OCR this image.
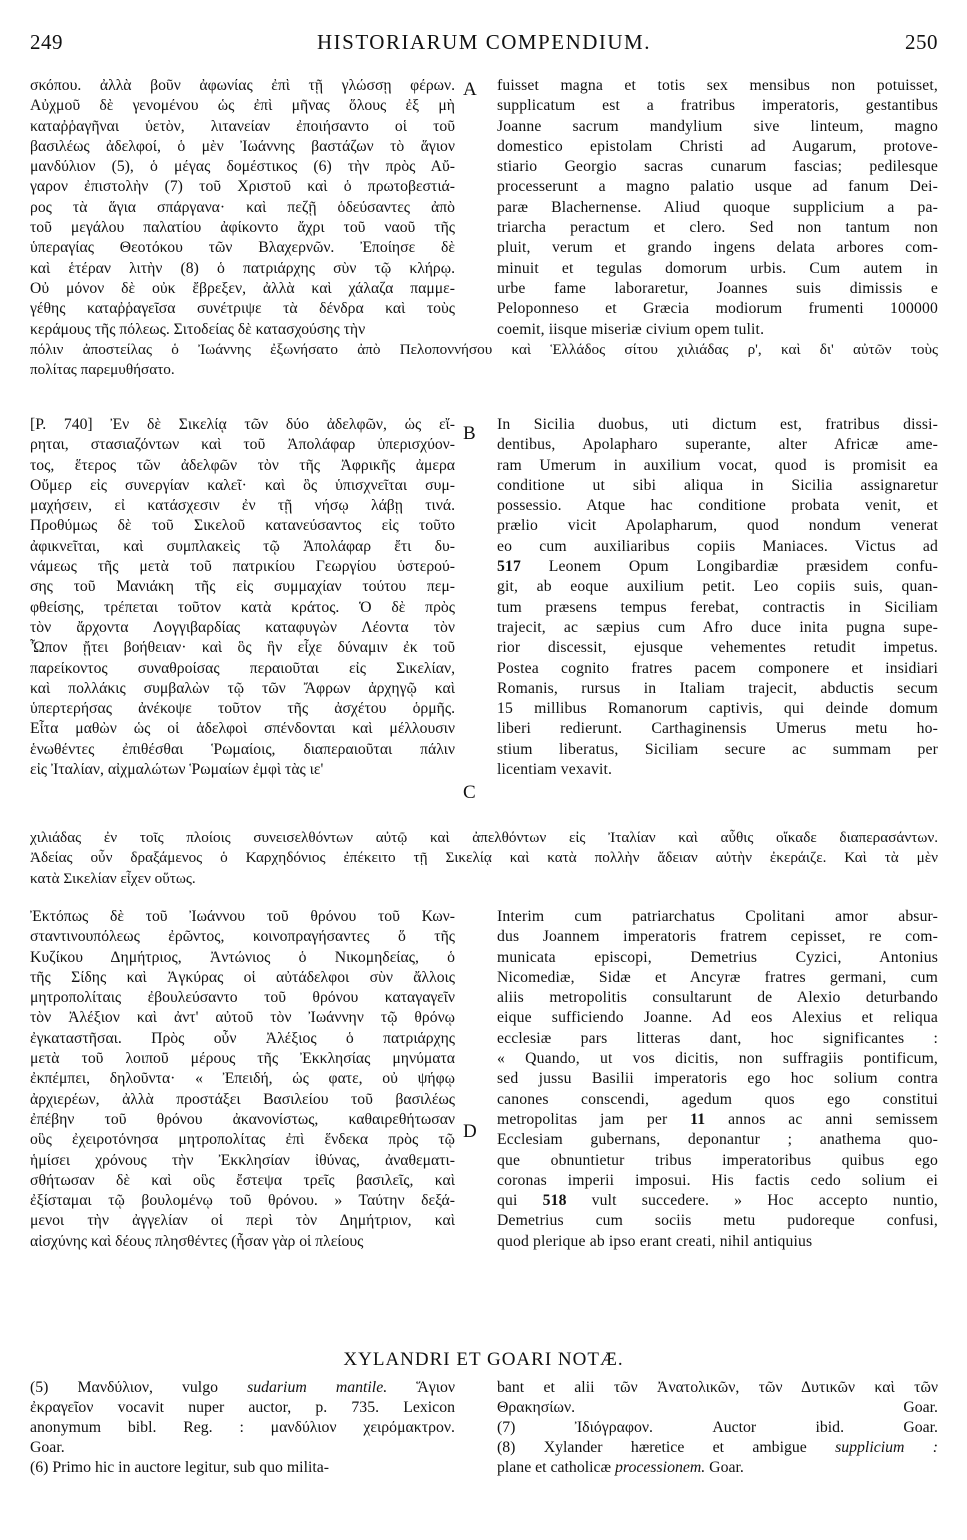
249	HISTORIARUM COMPENDIUM.	250
σκόπου. ἀλλὰ βοῦν ἀφωνίας ἐπὶ τῇ γλώσσῃ φέρων.
Αὐχμοῦ δὲ γενομένου ὡς ἐπὶ μῆνας ὅλους ἐξ μὴ
καταῤῥαγῆναι ὑετὸν, λιτανείαν ἐποιήσαντο οἱ τοῦ
βασιλέως ἀδελφοί, ὁ μὲν Ἰωάννης βαστάζων τὸ ἅγιον
μανδύλιον (5), ὁ μέγας δομέστικος (6) τὴν πρὸς Αὔ-
γαρον ἐπιστολὴν (7) τοῦ Χριστοῦ καὶ ὁ πρωτοβεστιά-
ρος τὰ ἅγια σπάργανα· καὶ πεζῇ ὁδεύσαντες ἀπὸ
τοῦ μεγάλου παλατίου ἀφίκοντο ἄχρι τοῦ ναοῦ τῆς
ὑπεραγίας Θεοτόκου τῶν Βλαχερνῶν. Ἐποίησε δὲ
καὶ ἑτέραν λιτὴν (8) ὁ πατριάρχης σὺν τῷ κλήρῳ.
Οὐ μόνον δὲ οὐκ ἔβρεξεν, ἀλλὰ καὶ χάλαζα παμμε-
γέθης καταῤῥαγεῖσα συνέτριψε τὰ δένδρα καὶ τοὺς
κεράμους τῆς πόλεως. Σιτοδείας δὲ κατασχούσης τὴν
A fuisset magna et totis sex mensibus non potuisset,
supplicatum est a fratribus imperatoris, gestantibus
Joanne sacrum mandylium sive linteum, magno
domestico epistolam Christi ad Augarum, protove-
stiario Georgio sacras cunarum fascias; pedilesque
processerunt a magno palatio usque ad fanum Dei-
paræ Blachernense. Aliud quoque supplicium a pa-
triarcha peractum et clero. Sed non tantum non
pluit, verum et grando ingens delata arbores com-
minuit et tegulas domorum urbis. Cum autem in
urbe fame laboraretur, Joannes suis dimissis e
Peloponneso et Græcia modiorum frumenti 100000
coemit, iisque miseriæ civium opem tulit.
πόλιν ἀποστείλας ὁ Ἰωάννης ἐξωνήσατο ἀπὸ Πελοποννήσου καὶ Ἑλλάδος σίτου χιλιάδας ρ', καὶ δι' αὐτῶν τοὺς
πολίτας παρεμυθήσατο.
[P. 740] Ἐν δὲ Σικελίᾳ τῶν δύο ἀδελφῶν, ὡς εἴ-
ρηται, στασιαζόντων καὶ τοῦ Ἀπολάφαρ ὑπερισχύον-
τος, ἕτερος τῶν ἀδελφῶν τὸν τῆς Ἀφρικῆς ἀμερα
Οὔμερ εἰς συνεργίαν καλεῖ· καὶ ὃς ὑπισχνεῖται συμ-
μαχήσειν, εἰ κατάσχεσιν ἐν τῇ νήσῳ λάβῃ τινά.
Προθύμως δὲ τοῦ Σικελοῦ κατανεύσαντος εἰς τοῦτο
ἀφικνεῖται, καὶ συμπλακεὶς τῷ Ἀπολάφαρ ἔτι δυ-
νάμεως τῆς μετὰ τοῦ πατρικίου Γεωργίου ὑστερού-
σης τοῦ Μανιάκη τῆς εἰς συμμαχίαν τούτου πεμ-
φθείσης, τρέπεται τοῦτον κατὰ κράτος. Ὁ δὲ πρὸς
τὸν ἄρχοντα Λογγιβαρδίας καταφυγὼν Λέοντα τὸν
Ὦπον ᾔτει βοήθειαν· καὶ ὃς ἣν εἶχε δύναμιν ἐκ τοῦ
παρείκοντος συναθροίσας περαιοῦται εἰς Σικελίαν,
καὶ πολλάκις συμβαλὼν τῷ τῶν Ἄφρων ἀρχηγῷ καὶ
ὑπερτερήσας ἀνέκοψε τοῦτον τῆς ἀσχέτου ὁρμῆς.
Εἶτα μαθὼν ὡς οἱ ἀδελφοὶ σπένδονται καὶ μέλλουσιν
ἑνωθέντες ἐπιθέσθαι Ῥωμαίοις, διαπεραιοῦται πάλιν
εἰς Ἰταλίαν, αἰχμαλώτων Ῥωμαίων ἐμφὶ τὰς ιε'
B In Sicilia duobus, uti dictum est, fratribus dissi-
dentibus, Apolapharo superante, alter Africæ ame-
ram Umerum in auxilium vocat, quod is promisit ea
conditione ut sibi aliqua in Sicilia assignaretur
possessio. Atque hac conditione probata venit, et
prælio vicit Apolapharum, quod nondum venerat
eo cum auxiliaribus copiis Maniaces. Victus ad
517 Leonem Opum Longibardiæ præsidem confu-
git, ab eoque auxilium petit. Leo copiis suis, quan-
tum præsens tempus ferebat, contractis in Siciliam
trajecit, ac sæpius cum Afro duce inita pugna supe-
rior discessit, ejusque vehementes retudit impetus.
Postea cognito fratres pacem componere et insidiari
Romanis, rursus in Italiam trajecit, abductis secum
15 millibus Romanorum captivis, qui deinde domum
liberi redierunt. Carthaginensis Umerus metu ho-
stium liberatus, Siciliam secure ac summam per
licentiam vexavit.
C
χιλιάδας ἐν τοῖς πλοίοις συνεισελθόντων αὐτῷ καὶ ἀπελθόντων εἰς Ἰταλίαν καὶ αὖθις οἴκαδε διαπερασάντων.
Ἀδείας οὖν δραξάμενος ὁ Καρχηδόνιος ἐπέκειτο τῇ Σικελίᾳ καὶ κατὰ πολλὴν ἄδειαν αὐτὴν ἐκεράιζε. Καὶ τὰ μὲν
κατὰ Σικελίαν εἶχεν οὕτως.
Ἐκτόπως δὲ τοῦ Ἰωάννου τοῦ θρόνου τοῦ Κων-
σταντινουπόλεως ἐρῶντος, κοινοπραγήσαντες ὅ τῆς
Κυζίκου Δημήτριος, Ἀντώνιος ὁ Νικομηδείας, ὁ
τῆς Σίδης καὶ Ἀγκύρας οἱ αὐτάδελφοι σὺν ἄλλοις
μητροπολίταις ἐβουλεύσαντο τοῦ θρόνου καταγαγεῖν
τὸν Ἀλέξιον καὶ ἀντ' αὐτοῦ τὸν Ἰωάννην τῷ θρόνῳ
ἐγκαταστῆσαι. Πρὸς οὖν Ἀλέξιος ὁ πατριάρχης
μετὰ τοῦ λοιποῦ μέρους τῆς Ἐκκλησίας μηνύματα
ἐκπέμπει, δηλοῦντα· « Ἐπειδή, ὡς φατε, οὐ ψήφῳ
ἀρχιερέων, ἀλλὰ προστάξει Βασιλείου τοῦ βασιλέως
ἐπέβην τοῦ θρόνου ἀκανονίστως, καθαιρεθήτωσαν
οὓς ἐχειροτόνησα μητροπολίτας ἐπὶ ἕνδεκα πρὸς τῷ
ἡμίσει χρόνους τὴν Ἐκκλησίαν ἰθύνας, ἀναθεματι-
σθήτωσαν δὲ καὶ οὓς ἔστεψα τρεῖς βασιλεῖς, καὶ
ἐξίσταμαι τῷ βουλομένῳ τοῦ θρόνου. » Ταύτην δεξά-
μενοι τὴν ἀγγελίαν οἱ περὶ τὸν Δημήτριον, καὶ
αἰσχύνης καὶ δέους πλησθέντες (ἦσαν γὰρ οἱ πλείους
D
Interim cum patriarchatus Cpolitani amor absur-
dus Joannem imperatoris fratrem cepisset, re com-
municata episcopi, Demetrius Cyzici, Antonius
Nicomediæ, Sidæ et Ancyræ fratres germani, cum
aliis metropolitis consultarunt de Alexio deturbando
eique sufficiendo Joanne. Ad eos Alexius et reliqua
ecclesiæ pars litteras dant, hoc significantes :
« Quando, ut vos dicitis, non suffragiis pontificum,
sed jussu Basilii imperatoris ego hoc solium contra
canones conscendi, agedum quos ego constitui
metropolitas jam per 11 annos ac anni semissem
Ecclesiam gubernans, deponantur ; anathema quo-
que obnuntietur tribus imperatoribus quibus ego
coronas imperii imposui. His factis cedo solium ei
qui 518 vult succedere. » Hoc accepto nuntio,
Demetrius cum sociis metu pudoreque confusi,
quod plerique ab ipso erant creati, nihil antiquius
XYLANDRI ET GOARI NOTÆ.
(5) Μανδύλιον, vulgo sudarium mantile. Ἅγιον
ἐκραγεῖον vocavit nuper auctor, p. 735. Lexicon
anonymum bibl. Reg. : μανδύλιον χειρόμακτρον.
Goar.
(6) Primo hic in auctore legitur, sub quo milita-
bant et alii τῶν Ἀνατολικῶν, τῶν Δυτικῶν καὶ τῶν
Θρακησίων. Goar.
(7) Ἰδιόγραφον. Auctor ibid. Goar.
(8) Xylander hæretice et ambigue supplicium :
plane et catholicæ processionem. Goar.
